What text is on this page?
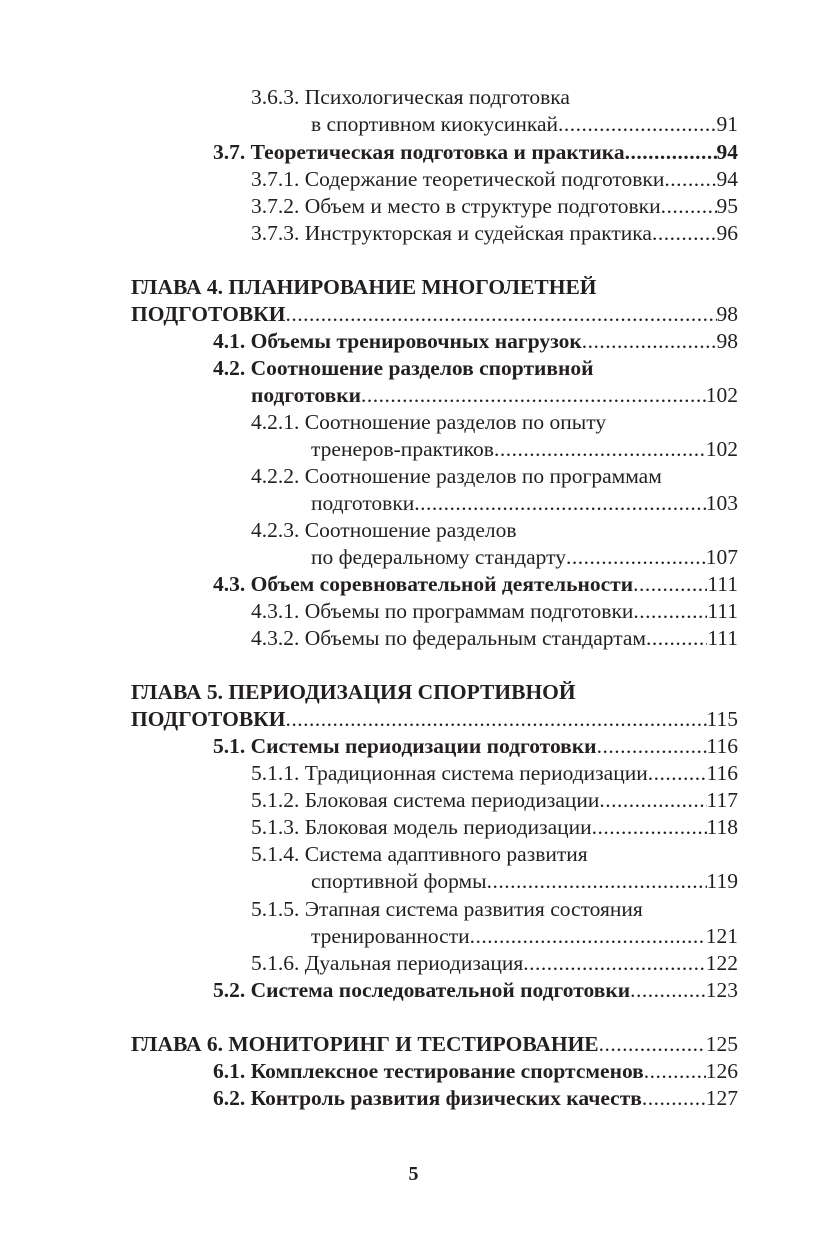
3.6.3. Психологическая подготовка
в спортивном киокусинкай .....	91
3.7. Теоретическая подготовка и практика .....	94
3.7.1. Содержание теоретической подготовки ..... 94
3.7.2. Объем и место в структуре подготовки .....	95
3.7.3. Инструкторская и судейская практика .....	96
ГЛАВА 4. ПЛАНИРОВАНИЕ МНОГОЛЕТНЕЙ
ПОДГОТОВКИ .....	98
4.1. Объемы тренировочных нагрузок .....	98
4.2. Соотношение разделов спортивной
подготовки .....	102
4.2.1. Соотношение разделов по опыту
тренеров-практиков .....	102
4.2.2. Соотношение разделов по программам
подготовки .....	103
4.2.3. Соотношение разделов
по федеральному стандарту .....	107
4.3. Объем соревновательной деятельности .....	111
4.3.1. Объемы по программам подготовки .....	111
4.3.2. Объемы по федеральным стандартам .....	111
ГЛАВА 5. ПЕРИОДИЗАЦИЯ СПОРТИВНОЙ
ПОДГОТОВКИ .....	115
5.1. Системы периодизации подготовки .....	116
5.1.1. Традиционная система периодизации .....	116
5.1.2. Блоковая система периодизации .....	117
5.1.3. Блоковая модель периодизации .....	118
5.1.4. Система адаптивного развития
спортивной формы .....	119
5.1.5. Этапная система развития состояния
тренированности .....	121
5.1.6. Дуальная периодизация .....	122
5.2. Система последовательной подготовки .....	123
ГЛАВА 6. МОНИТОРИНГ И ТЕСТИРОВАНИЕ .....	125
6.1. Комплексное тестирование спортсменов .....	126
6.2. Контроль развития физических качеств .....	127
5
